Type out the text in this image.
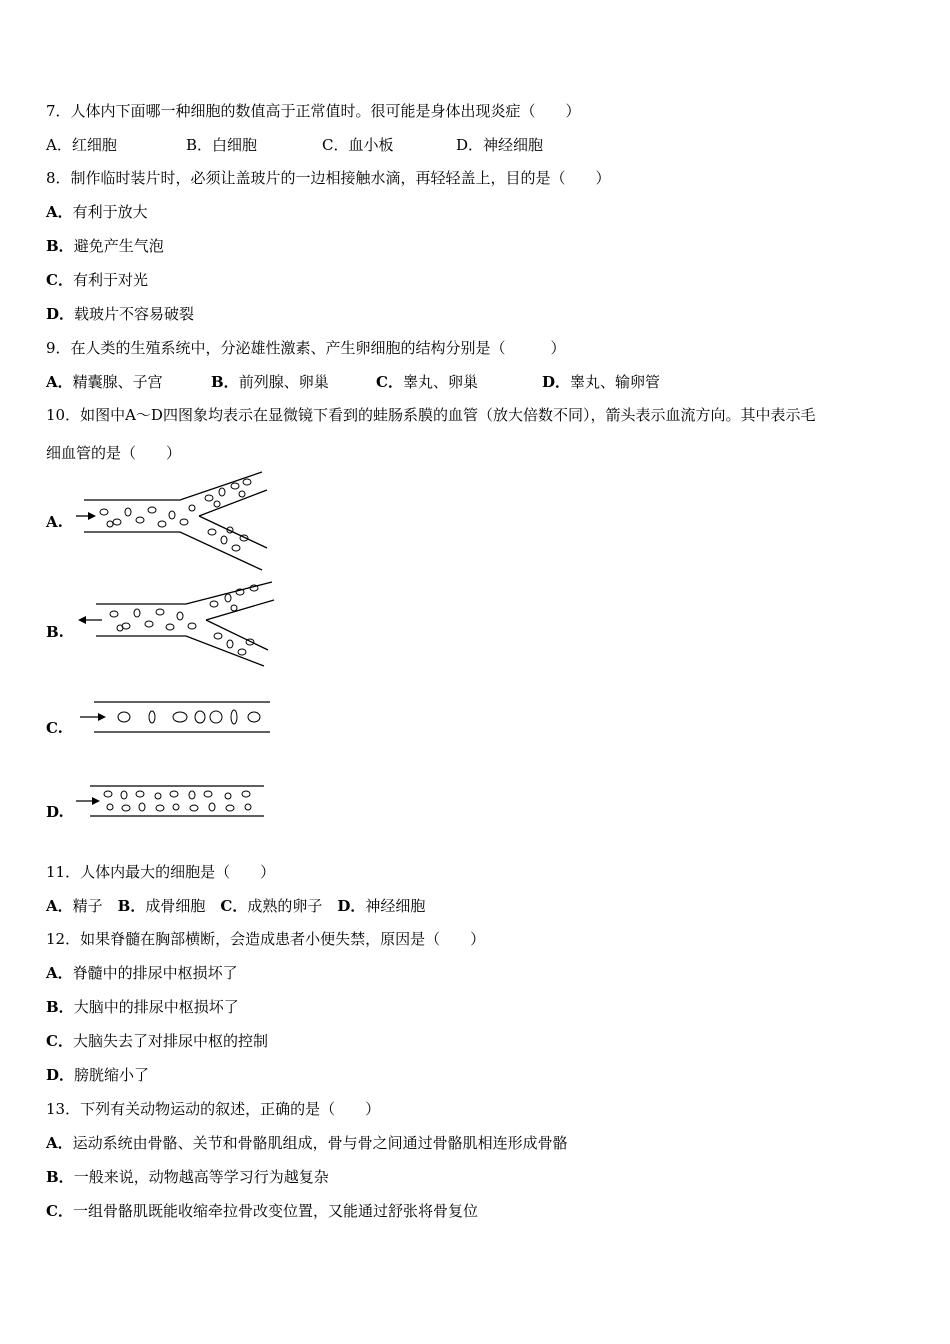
7．人体内下面哪一种细胞的数值高于正常值时。很可能是身体出现炎症（　　）
A．红细胞	B．白细胞	C．血小板	D．神经细胞
8．制作临时装片时，必须让盖玻片的一边相接触水滴，再轻轻盖上，目的是（　　）
A．有利于放大
B．避免产生气泡
C．有利于对光
D．载玻片不容易破裂
9．在人类的生殖系统中，分泌雄性激素、产生卵细胞的结构分别是（　　　）
A．精囊腺、子宫	B．前列腺、卵巢	C．睾丸、卵巢	D．睾丸、输卵管
10．如图中A～D四图象均表示在显微镜下看到的蛙肠系膜的血管（放大倍数不同），箭头表示血流方向。其中表示毛
细血管的是（　　）
A.
B.
C.
D.
11．人体内最大的细胞是（　　）
A．精子　 B．成骨细胞　 C．成熟的卵子　 D．神经细胞
12．如果脊髓在胸部横断，会造成患者小便失禁，原因是（　　）
A．脊髓中的排尿中枢损坏了
B．大脑中的排尿中枢损坏了
C．大脑失去了对排尿中枢的控制
D．膀胱缩小了
13．下列有关动物运动的叙述，正确的是（　　）
A．运动系统由骨骼、关节和骨骼肌组成，骨与骨之间通过骨骼肌相连形成骨骼
B．一般来说，动物越高等学习行为越复杂
C．一组骨骼肌既能收缩牵拉骨改变位置，又能通过舒张将骨复位
